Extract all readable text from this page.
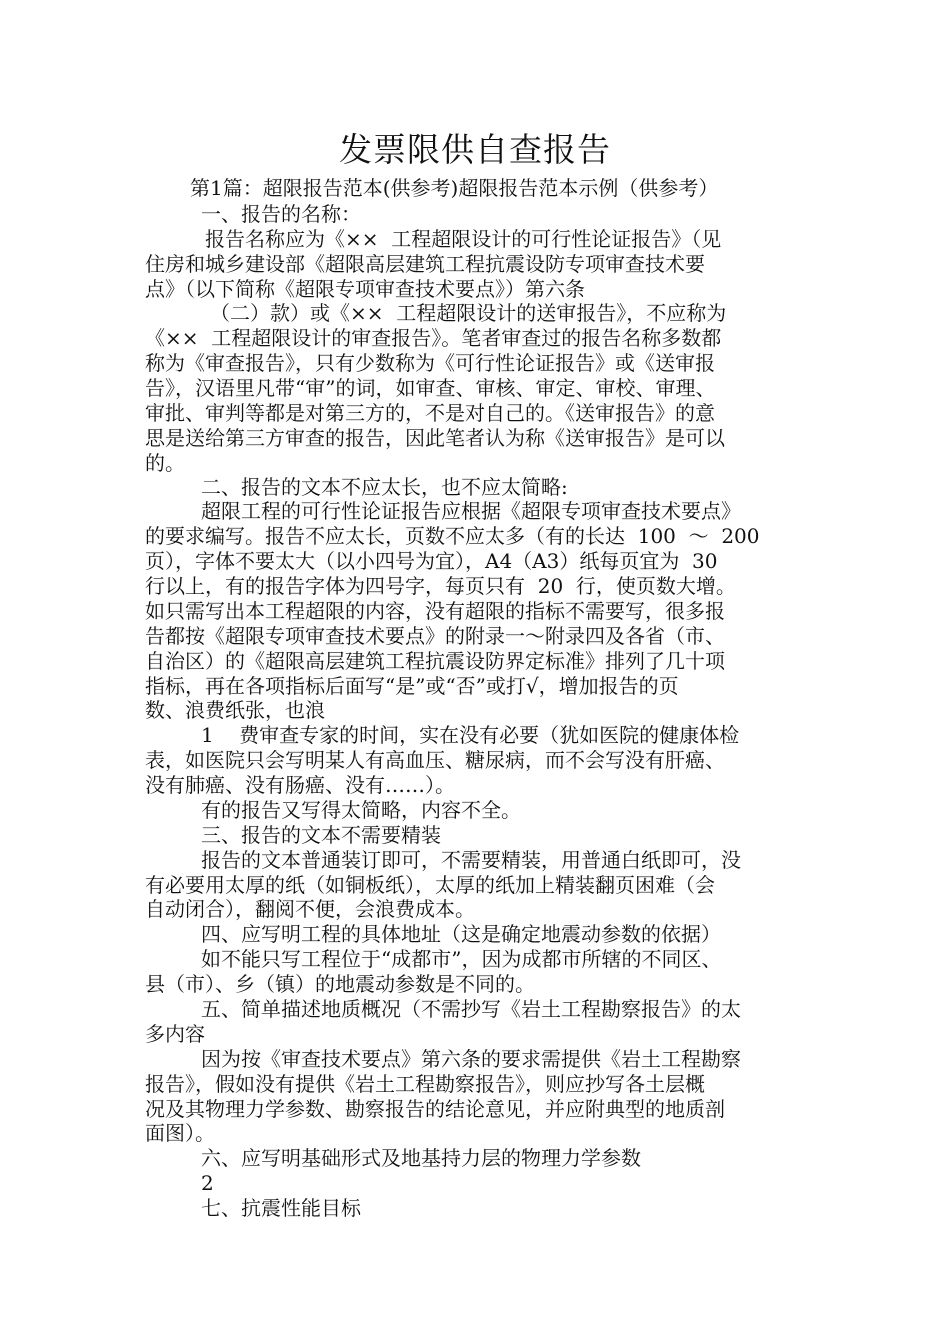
发票限供自查报告
第1篇：超限报告范本(供参考)超限报告范本示例（供参考）
一、报告的名称：
报告名称应为《××  工程超限设计的可行性论证报告》（见
住房和城乡建设部《超限高层建筑工程抗震设防专项审查技术要
点》（以下简称《超限专项审查技术要点》）第六条
（二）款）或《××  工程超限设计的送审报告》，不应称为
《××  工程超限设计的审查报告》。笔者审查过的报告名称多数都
称为《审查报告》，只有少数称为《可行性论证报告》或《送审报
告》，汉语里凡带“审”的词，如审查、审核、审定、审校、审理、
审批、审判等都是对第三方的，不是对自己的。《送审报告》的意
思是送给第三方审查的报告，因此笔者认为称《送审报告》是可以
的。
二、报告的文本不应太长，也不应太简略:
超限工程的可行性论证报告应根据《超限专项审查技术要点》
的要求编写。报告不应太长，页数不应太多（有的长达  100  ～  200
页），字体不要太大（以小四号为宜），A4（A3）纸每页宜为  30
行以上，有的报告字体为四号字，每页只有  20  行，使页数大增。
如只需写出本工程超限的内容，没有超限的指标不需要写，很多报
告都按《超限专项审查技术要点》的附录一～附录四及各省（市、
自治区）的《超限高层建筑工程抗震设防界定标准》排列了几十项
指标，再在各项指标后面写“是”或“否”或打√，增加报告的页
数、浪费纸张，也浪
1    费审查专家的时间，实在没有必要（犹如医院的健康体检
表，如医院只会写明某人有高血压、糖尿病，而不会写没有肝癌、
没有肺癌、没有肠癌、没有……）。
有的报告又写得太简略，内容不全。
三、报告的文本不需要精装
报告的文本普通装订即可，不需要精装，用普通白纸即可，没
有必要用太厚的纸（如铜板纸），太厚的纸加上精装翻页困难（会
自动闭合），翻阅不便，会浪费成本。
四、应写明工程的具体地址（这是确定地震动参数的依据）
如不能只写工程位于“成都市”，因为成都市所辖的不同区、
县（市）、乡（镇）的地震动参数是不同的。
五、简单描述地质概况（不需抄写《岩土工程勘察报告》的太
多内容
因为按《审查技术要点》第六条的要求需提供《岩土工程勘察
报告》，假如没有提供《岩土工程勘察报告》，则应抄写各土层概
况及其物理力学参数、勘察报告的结论意见，并应附典型的地质剖
面图）。
六、应写明基础形式及地基持力层的物理力学参数
2
七、抗震性能目标
